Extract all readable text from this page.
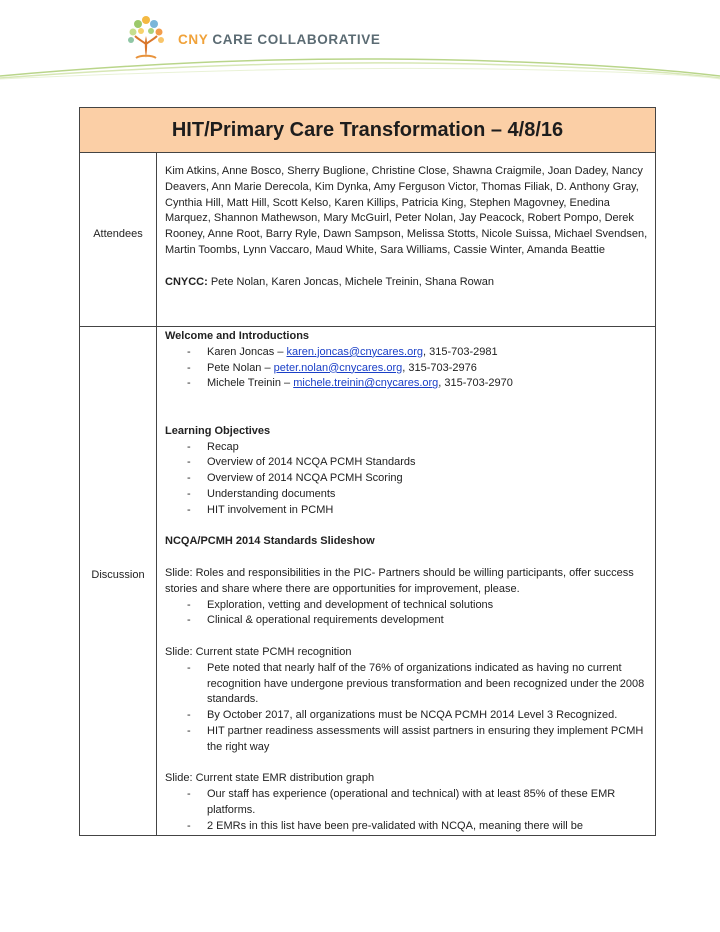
CNY CARE COLLABORATIVE
HIT/Primary Care Transformation – 4/8/16
Attendees

Kim Atkins, Anne Bosco, Sherry Buglione, Christine Close, Shawna Craigmile, Joan Dadey, Nancy Deavers, Ann Marie Derecola, Kim Dynka, Amy Ferguson Victor, Thomas Filiak, D. Anthony Gray, Cynthia Hill, Matt Hill, Scott Kelso, Karen Killips, Patricia King, Stephen Magovney, Enedina Marquez, Shannon Mathewson, Mary McGuirl, Peter Nolan, Jay Peacock, Robert Pompo, Derek Rooney, Anne Root, Barry Ryle, Dawn Sampson, Melissa Stotts, Nicole Suissa, Michael Svendsen, Martin Toombs, Lynn Vaccaro, Maud White, Sara Williams, Cassie Winter, Amanda Beattie

CNYCC: Pete Nolan, Karen Joncas, Michele Treinin, Shana Rowan

Discussion

Welcome and Introductions

- Karen Joncas – karen.joncas@cnycares.org, 315-703-2981
- Pete Nolan – peter.nolan@cnycares.org, 315-703-2976
- Michele Treinin – michele.treinin@cnycares.org, 315-703-2970

Learning Objectives

- Recap
- Overview of 2014 NCQA PCMH Standards
- Overview of 2014 NCQA PCMH Scoring
- Understanding documents
- HIT involvement in PCMH

NCQA/PCMH 2014 Standards Slideshow

Slide: Roles and responsibilities in the PIC- Partners should be willing participants, offer success stories and share where there are opportunities for improvement, please.

- Exploration, vetting and development of technical solutions
- Clinical & operational requirements development

Slide: Current state PCMH recognition

- Pete noted that nearly half of the 76% of organizations indicated as having no current recognition have undergone previous transformation and been recognized under the 2008 standards.
- By October 2017, all organizations must be NCQA PCMH 2014 Level 3 Recognized.
- HIT partner readiness assessments will assist partners in ensuring they implement PCMH the right way

Slide: Current state EMR distribution graph

- Our staff has experience (operational and technical) with at least 85% of these EMR platforms.
- 2 EMRs in this list have been pre-validated with NCQA, meaning there will be
